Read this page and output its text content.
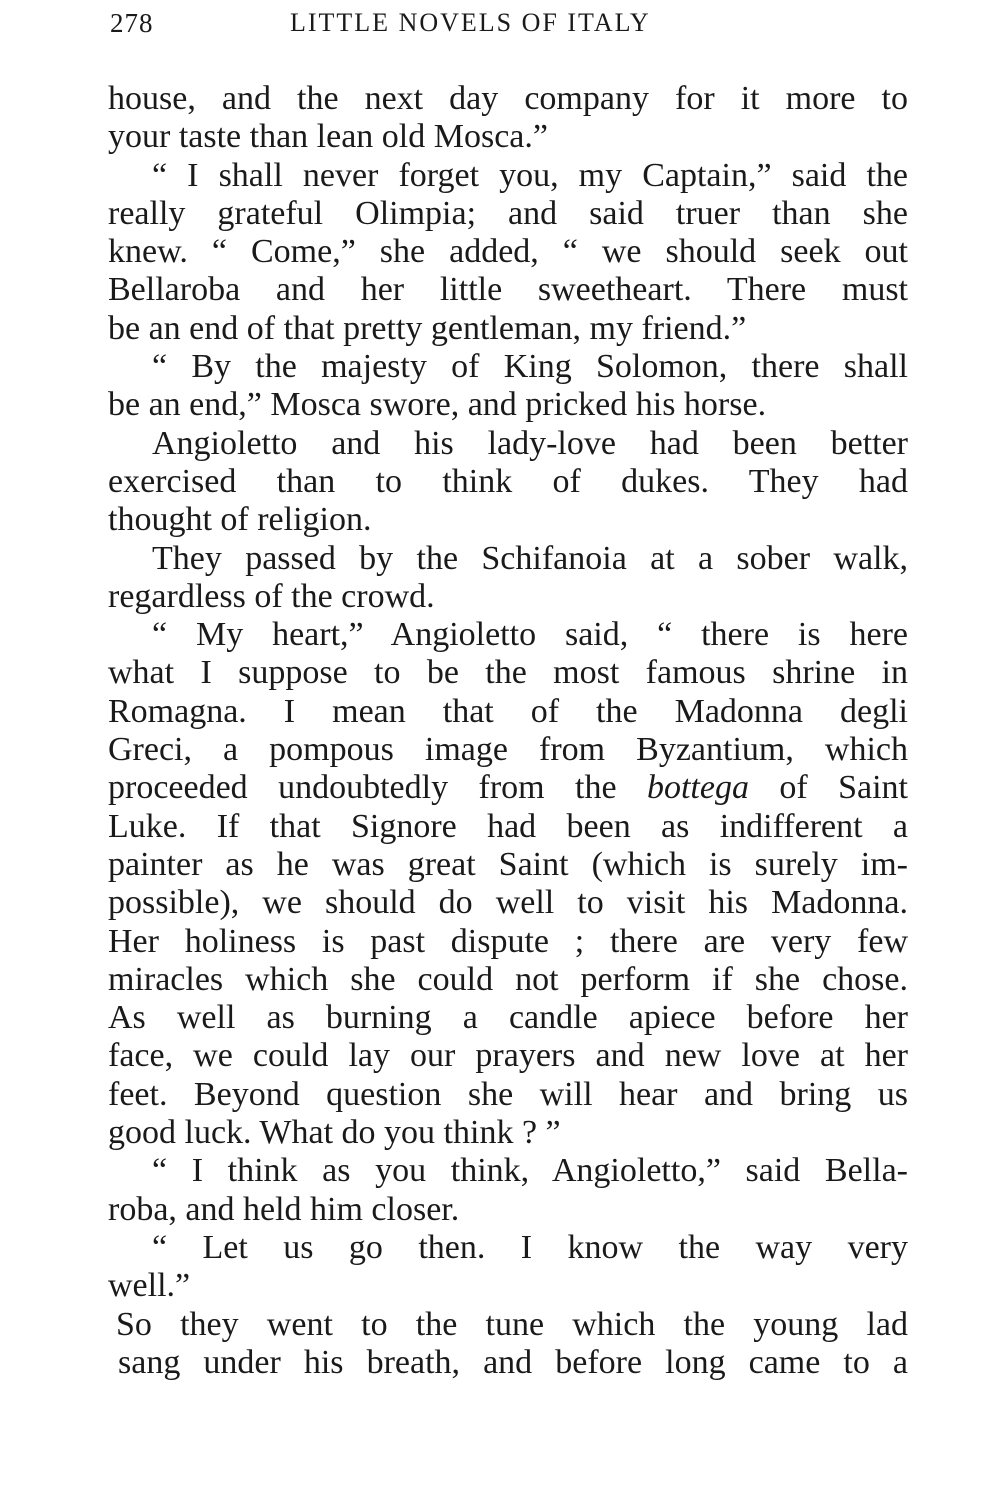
278	LITTLE NOVELS OF ITALY
house, and the next day company for it more to
your taste than lean old Mosca.”
“ I shall never forget you, my Captain,” said the
really grateful Olimpia; and said truer than she
knew. “ Come,” she added, “ we should seek out
Bellaroba and her little sweetheart. There must
be an end of that pretty gentleman, my friend.”
“ By the majesty of King Solomon, there shall
be an end,” Mosca swore, and pricked his horse.
Angioletto and his lady-love had been better
exercised than to think of dukes. They had
thought of religion.
They passed by the Schifanoia at a sober walk,
regardless of the crowd.
“ My heart,” Angioletto said, “ there is here
what I suppose to be the most famous shrine in
Romagna. I mean that of the Madonna degli
Greci, a pompous image from Byzantium, which
proceeded undoubtedly from the bottega of Saint
Luke. If that Signore had been as indifferent a
painter as he was great Saint (which is surely im-
possible), we should do well to visit his Madonna.
Her holiness is past dispute ; there are very few
miracles which she could not perform if she chose.
As well as burning a candle apiece before her
face, we could lay our prayers and new love at her
feet. Beyond question she will hear and bring us
good luck. What do you think ? ”
“ I think as you think, Angioletto,” said Bella-
roba, and held him closer.
“ Let us go then. I know the way very
well.”
So they went to the tune which the young lad
sang under his breath, and before long came to a
